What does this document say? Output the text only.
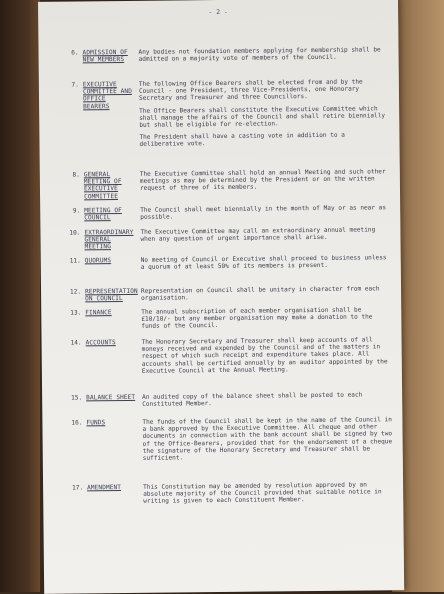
- 2 -
6. ADMISSION OF NEW MEMBERS

Any bodies not foundation members applying for membership shall be admitted on a majority vote of members of the Council.

7. EXECUTIVE COMMITTEE AND OFFICE BEARERS

The following Office Bearers shall be elected from and by the Council - one President, three Vice-Presidents, one Honorary Secretary and Treasurer and three Councillors.

The Office Bearers shall constitute the Executive Committee which shall manage the affairs of the Council and shall retire biennially but shall be eligible for re-election.

The President shall have a casting vote in addition to a deliberative vote.

8. GENERAL MEETING OF EXECUTIVE COMMITTEE

The Executive Committee shall hold an annual Meeting and such other meetings as may be determined by the President or on the written request of three of its members.

9. MEETING OF COUNCIL

The Council shall meet biennially in the month of May or as near as possible.

10. EXTRAORDINARY GENERAL MEETING

The Executive Committee may call an extraordinary annual meeting when any question of urgent importance shall arise.

11. QUORUMS	No meeting of Council or Executive shall proceed to business unless a quorum of at least 50% of its members is present.

12. REPRESENTATION ON COUNCIL

Representation on Council shall be unitary in character from each organisation.

13. FINANCE	The annual subscription of each member organisation shall be £10/10/- but any member organisation may make a donation to the funds of the Council.

14. ACCOUNTS	The Honorary Secretary and Treasurer shall keep accounts of all moneys received and expended by the Council and of the matters in respect of which such receipt and expenditure takes place. All accounts shall be certified annually by an auditor appointed by the Executive Council at the Annual Meeting.

15. BALANCE SHEET An audited copy of the balance sheet shall be posted to each Constituted Member.

16. FUNDS	The funds of the Council shall be kept in the name of the Council in a bank approved by the Executive Committee. All cheque and other documents in connection with the bank account shall be signed by two of the Office-Bearers, provided that for the endorsement of a cheque the signature of the Honorary Secretary and Treasurer shall be sufficient.

17. AMENDMENT	This Constitution may be amended by resolution approved by an absolute majority of the Council provided that suitable notice in writing is given to each Constituent Member.
